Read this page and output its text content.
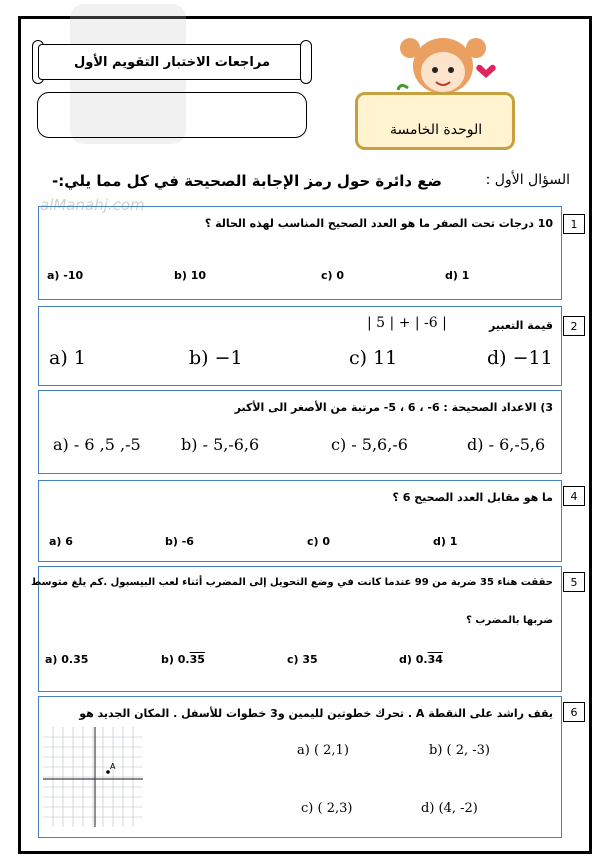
alManahj.com
مراجعات الاختبار التقويم الأول
الوحدة الخامسة
السؤال الأول :
ضع دائرة حول رمز الإجابة الصحيحة في كل مما يلي:-
10 درجات تحت الصفر ما هو العدد الصحيح المناسب لهذه الحالة ؟
a) -10	b) 10	c) 0	d) 1
1
قيمة التعبير
| 5 | + | -6 |
a) 1	b) −1	c) 11	d) −11
2
3) الاعداد الصحيحة : 6- ، 6 ، 5- مرتبة من الأصغر الى الأكبر
a) - 6 ,5 ,-5	b) - 5,-6,6	c) - 5,6,-6	d) - 6,-5,6
ما هو مقابل العدد الصحيح 6 ؟
a) 6	b) -6	c) 0	d) 1
4
حققت هناء 35 ضربة من 99 عندما كانت في وضع التحويل إلى المضرب أثناء لعب البيسبول .كم يلغ متوسط
ضربها بالمضرب ؟
a) 0.35	b) 0.35	c) 35	d) 0.34
5
يقف راشد على النقطة A . تحرك خطوتين لليمين و3 خطوات للأسفل . المكان الجديد هو
A
a) ( 2,1)	b) ( 2, -3)
c) ( 2,3)	d) (4, -2)
6
